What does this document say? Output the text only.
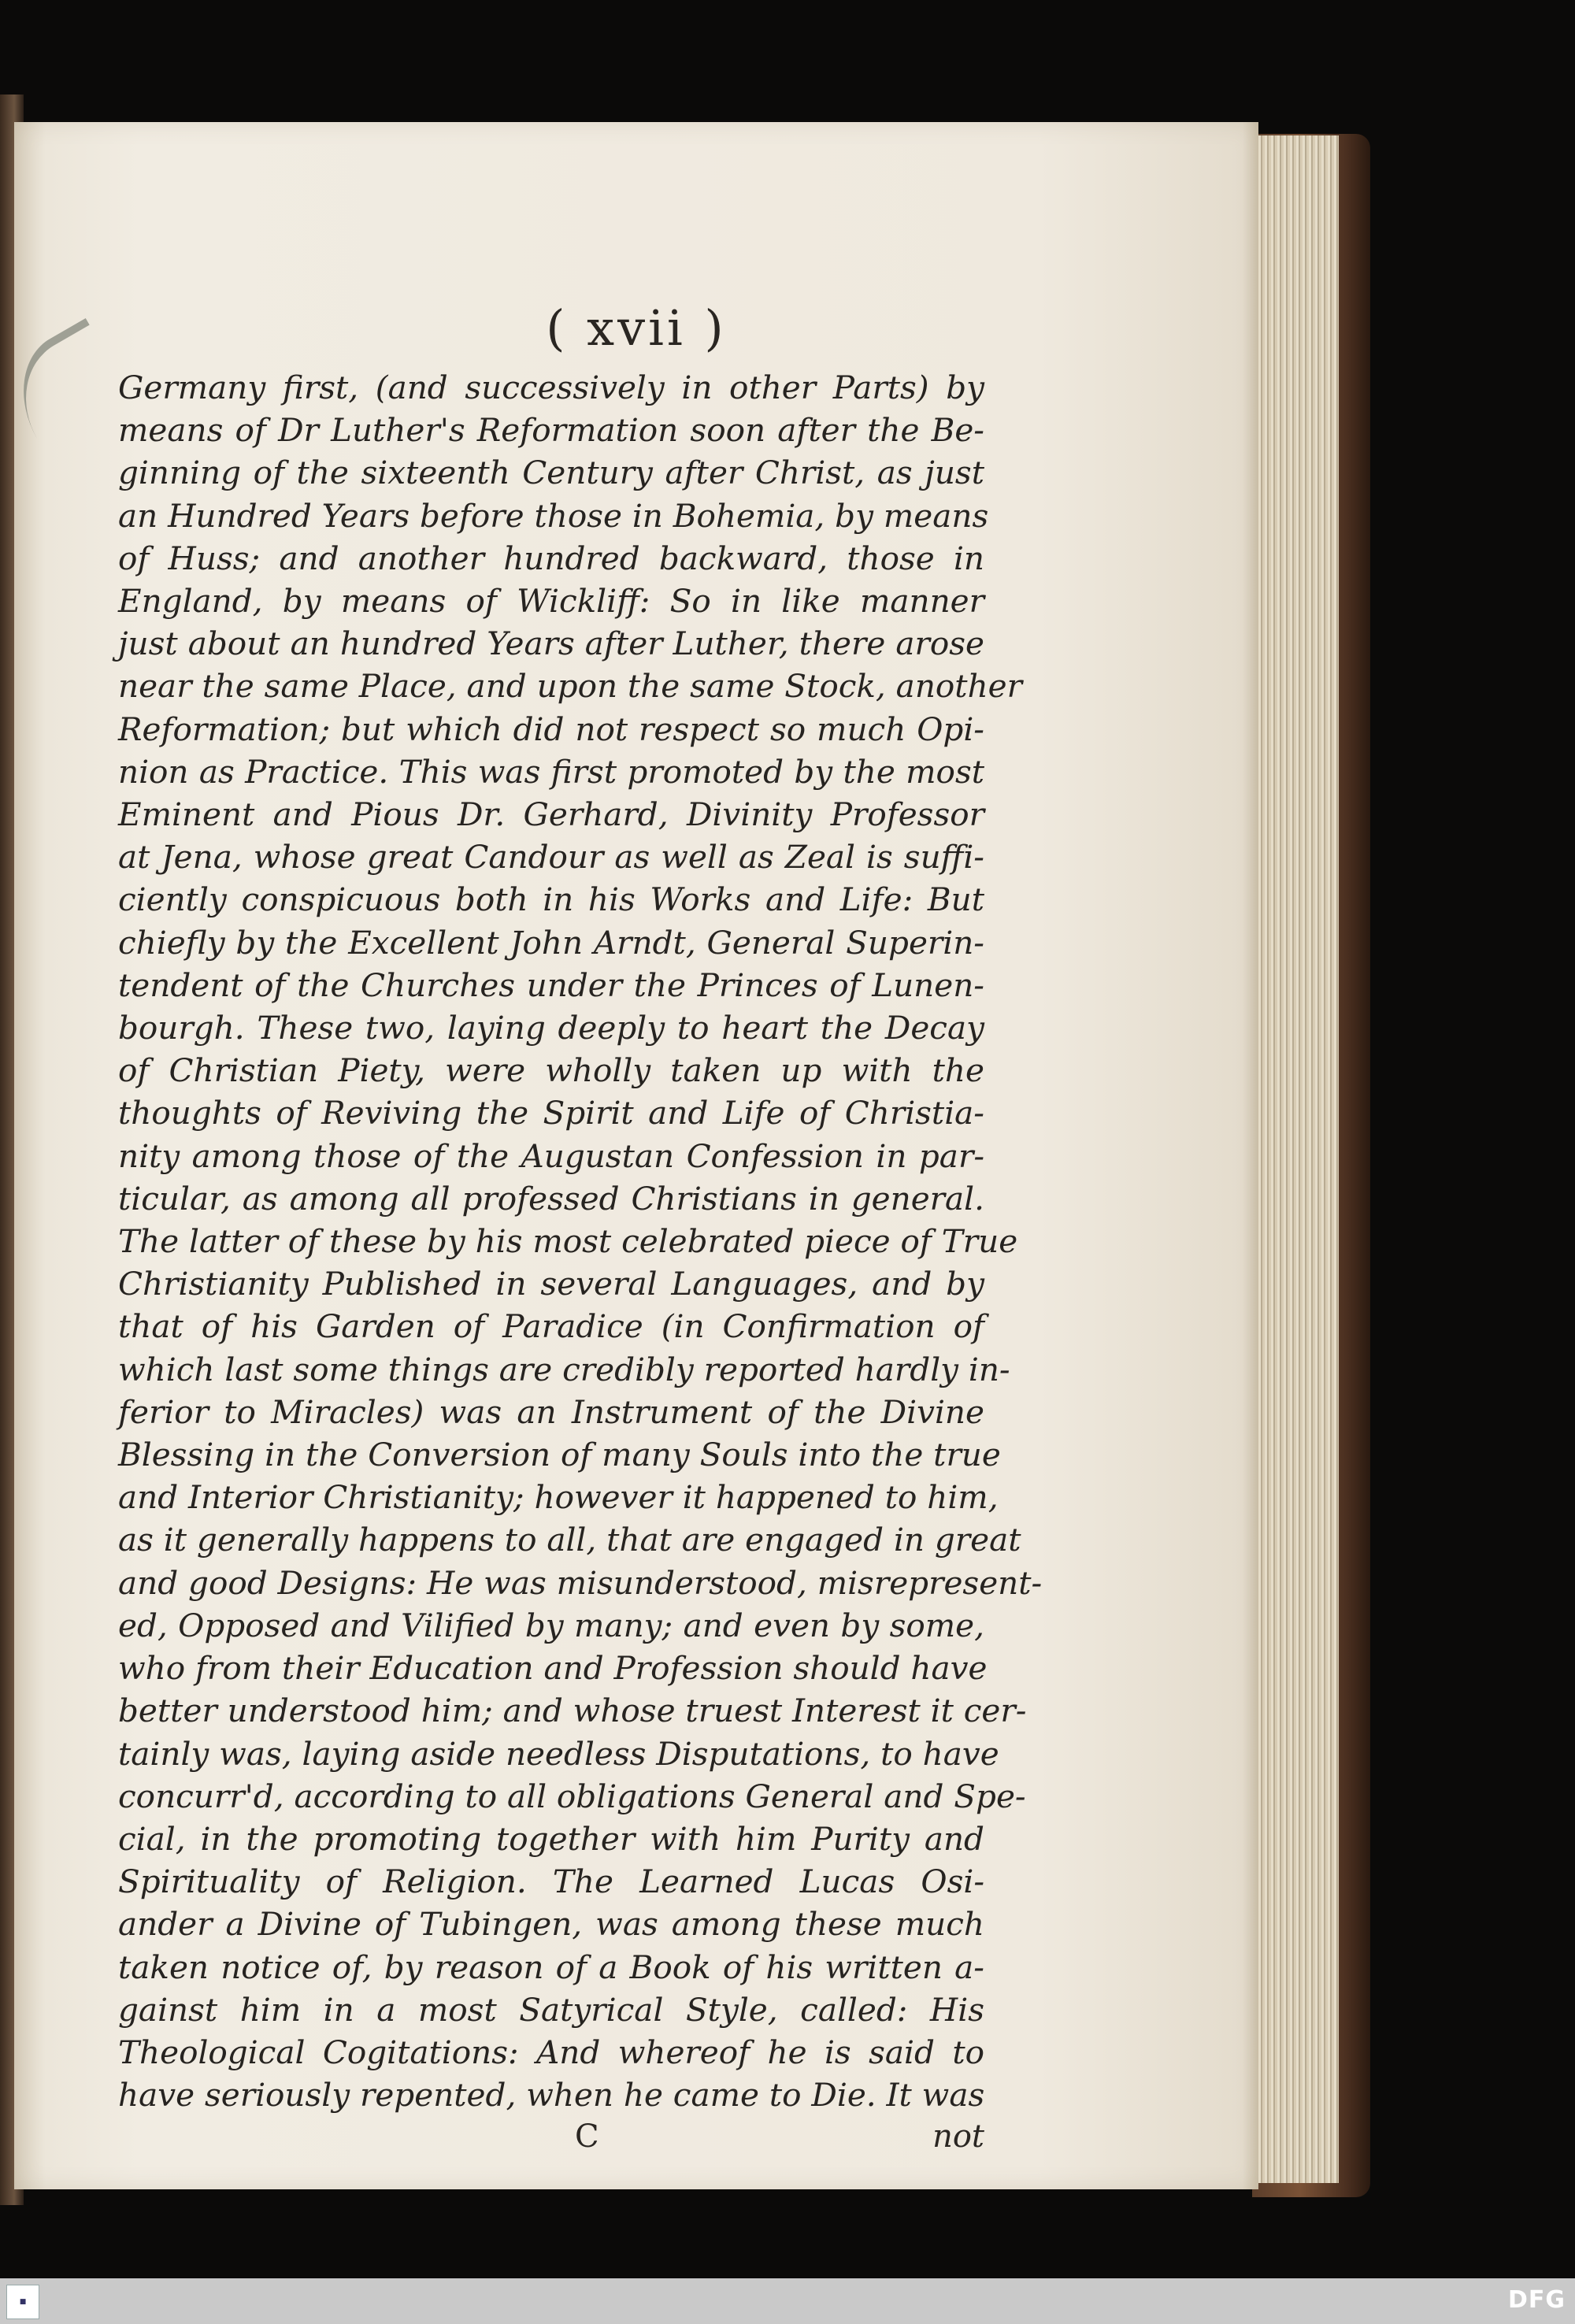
( xvii )
Germany first, (and successively in other Parts) by
means of Dr Luther's Reformation soon after the Be-
ginning of the sixteenth Century after Christ, as just
an Hundred Years before those in Bohemia, by means
of Huss; and another hundred backward, those in
England, by means of Wickliff: So in like manner
just about an hundred Years after Luther, there arose
near the same Place, and upon the same Stock, another
Reformation; but which did not respect so much Opi-
nion as Practice. This was first promoted by the most
Eminent and Pious Dr. Gerhard, Divinity Professor
at Jena, whose great Candour as well as Zeal is suffi-
ciently conspicuous both in his Works and Life: But
chiefly by the Excellent John Arndt, General Superin-
tendent of the Churches under the Princes of Lunen-
bourgh. These two, laying deeply to heart the Decay
of Christian Piety, were wholly taken up with the
thoughts of Reviving the Spirit and Life of Christia-
nity among those of the Augustan Confession in par-
ticular, as among all professed Christians in general.
The latter of these by his most celebrated piece of True
Christianity Published in several Languages, and by
that of his Garden of Paradice (in Confirmation of
which last some things are credibly reported hardly in-
ferior to Miracles) was an Instrument of the Divine
Blessing in the Conversion of many Souls into the true
and Interior Christianity; however it happened to him,
as it generally happens to all, that are engaged in great
and good Designs: He was misunderstood, misrepresent-
ed, Opposed and Vilified by many; and even by some,
who from their Education and Profession should have
better understood him; and whose truest Interest it cer-
tainly was, laying aside needless Disputations, to have
concurr'd, according to all obligations General and Spe-
cial, in the promoting together with him Purity and
Spirituality of Religion. The Learned Lucas Osi-
ander a Divine of Tubingen, was among these much
taken notice of, by reason of a Book of his written a-
gainst him in a most Satyrical Style, called: His
Theological Cogitations: And whereof he is said to
have seriously repented, when he came to Die. It was
C	not
■	DFG
